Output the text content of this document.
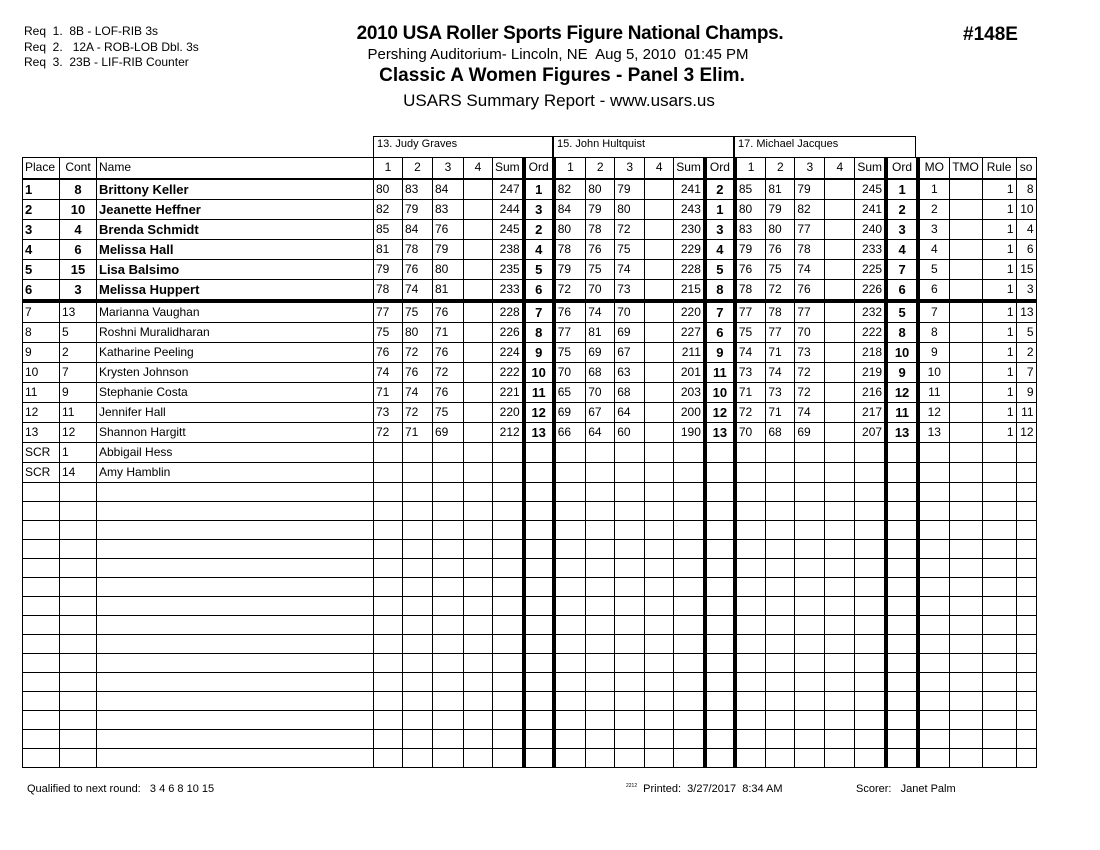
Req  1.  8B - LOF-RIB 3s
Req  2.   12A - ROB-LOB Dbl. 3s
Req  3.  23B - LIF-RIB Counter
2010 USA Roller Sports Figure National Champs.
Pershing Auditorium- Lincoln, NE  Aug 5, 2010  01:45 PM
Classic A Women Figures - Panel 3 Elim.
USARS Summary Report - www.usars.us
#148E
13. Judy Graves	15. John Hultquist	17. Michael Jacques
Place	Cont	Name	1	2	3	4	Sum	Ord	1	2	3	4	Sum	Ord	1	2	3	4	Sum	Ord	MO	TMO	Rule	so
1	8	Brittony Keller	80	83	84		247	1	82	80	79		241	2	85	81	79		245	1	1		1	8
2	10	Jeanette Heffner	82	79	83		244	3	84	79	80		243	1	80	79	82		241	2	2		1	10
3	4	Brenda Schmidt	85	84	76		245	2	80	78	72		230	3	83	80	77		240	3	3		1	4
4	6	Melissa Hall	81	78	79		238	4	78	76	75		229	4	79	76	78		233	4	4		1	6
5	15	Lisa Balsimo	79	76	80		235	5	79	75	74		228	5	76	75	74		225	7	5		1	15
6	3	Melissa Huppert	78	74	81		233	6	72	70	73		215	8	78	72	76		226	6	6		1	3
7	13	Marianna Vaughan	77	75	76		228	7	76	74	70		220	7	77	78	77		232	5	7		1	13
8	5	Roshni Muralidharan	75	80	71		226	8	77	81	69		227	6	75	77	70		222	8	8		1	5
9	2	Katharine Peeling	76	72	76		224	9	75	69	67		211	9	74	71	73		218	10	9		1	2
10	7	Krysten Johnson	74	76	72		222	10	70	68	63		201	11	73	74	72		219	9	10		1	7
11	9	Stephanie Costa	71	74	76		221	11	65	70	68		203	10	71	73	72		216	12	11		1	9
12	11	Jennifer Hall	73	72	75		220	12	69	67	64		200	12	72	71	74		217	11	12		1	11
13	12	Shannon Hargitt	72	71	69		212	13	66	64	60		190	13	70	68	69		207	13	13		1	12
SCR	1	Abbigail Hess																						
SCR	14	Amy Hamblin																						

Qualified to next round:   3 4 6 8 10 15	$^{2212}$ Printed:  3/27/2017  8:34 AM	Scorer:   Janet Palm
